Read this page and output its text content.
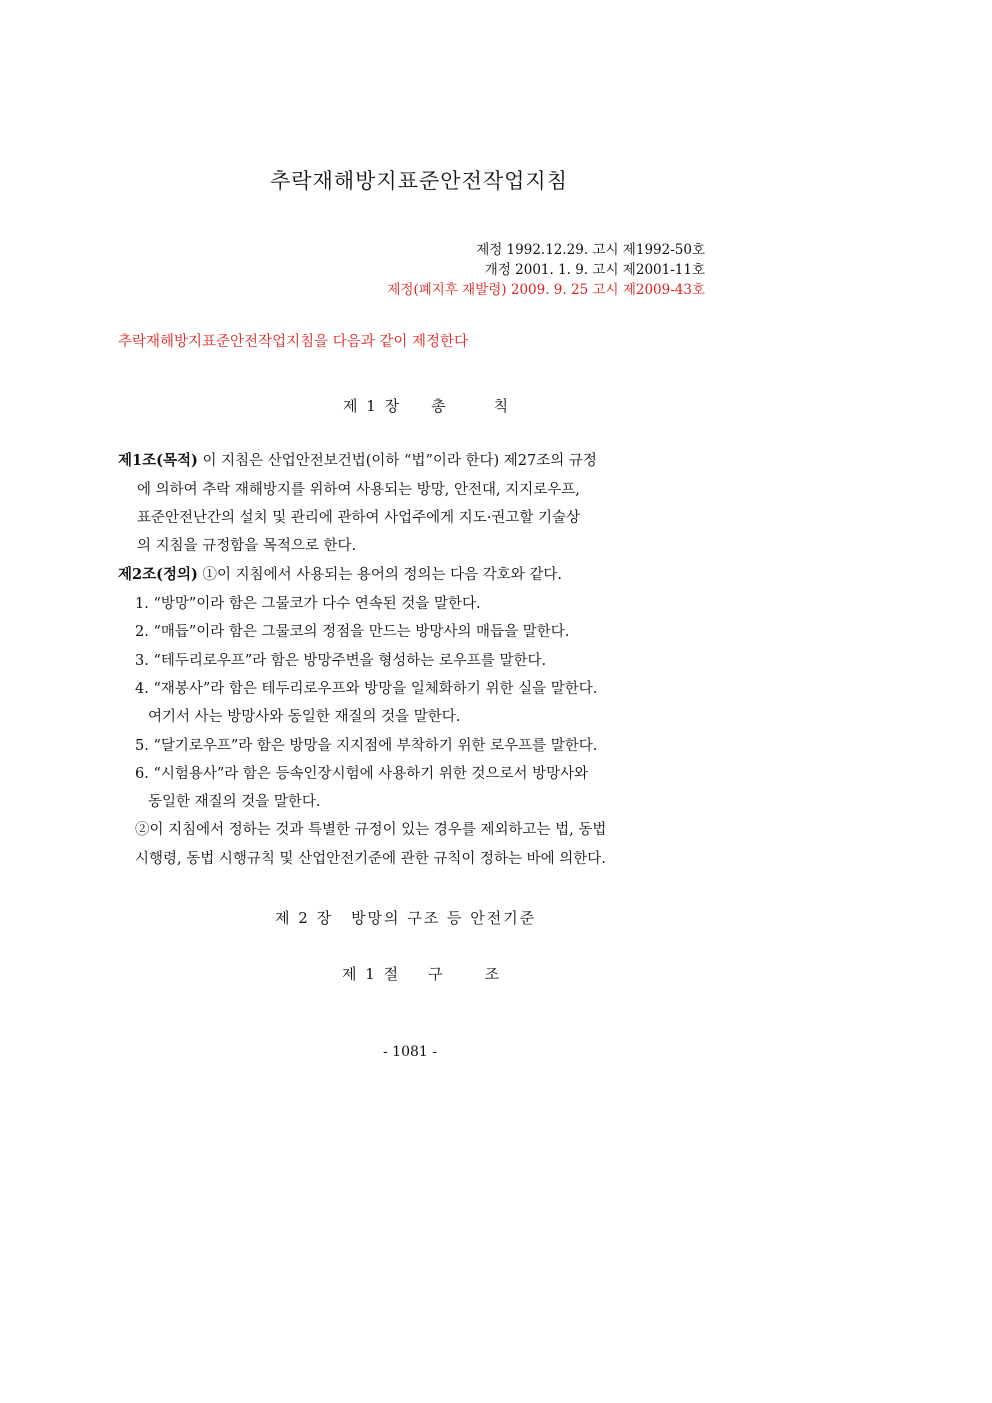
추락재해방지표준안전작업지침
제정 1992.12.29. 고시 제1992-50호
개정 2001. 1. 9. 고시 제2001-11호
제정(폐지후 재발령) 2009. 9. 25 고시 제2009-43호
추락재해방지표준안전작업지침을 다음과 같이 제정한다
제 1 장 총	칙
제1조(목적) 이 지침은 산업안전보건법(이하 “법”이라 한다) 제27조의 규정
에 의하여 추락 재해방지를 위하여 사용되는 방망, 안전대, 지지로우프,
표준안전난간의 설치 및 관리에 관하여 사업주에게 지도·권고할 기술상
의 지침을 규정함을 목적으로 한다.
제2조(정의) ①이 지침에서 사용되는 용어의 정의는 다음 각호와 같다.
1. “방망”이라 함은 그물코가 다수 연속된 것을 말한다.
2. “매듭”이라 함은 그물코의 정점을 만드는 방망사의 매듭을 말한다.
3. “테두리로우프”라 함은 방망주변을 형성하는 로우프를 말한다.
4. “재봉사”라 함은 테두리로우프와 방망을 일체화하기 위한 실을 말한다.
여기서 사는 방망사와 동일한 재질의 것을 말한다.
5. “달기로우프”라 함은 방망을 지지점에 부착하기 위한 로우프를 말한다.
6. “시험용사”라 함은 등속인장시험에 사용하기 위한 것으로서 방망사와
동일한 재질의 것을 말한다.
②이 지침에서 정하는 것과 특별한 규정이 있는 경우를 제외하고는 법, 동법
시행령, 동법 시행규칙 및 산업안전기준에 관한 규칙이 정하는 바에 의한다.
제 2 장 방망의 구조 등 안전기준
제 1 절 구	조
- 1081 -
